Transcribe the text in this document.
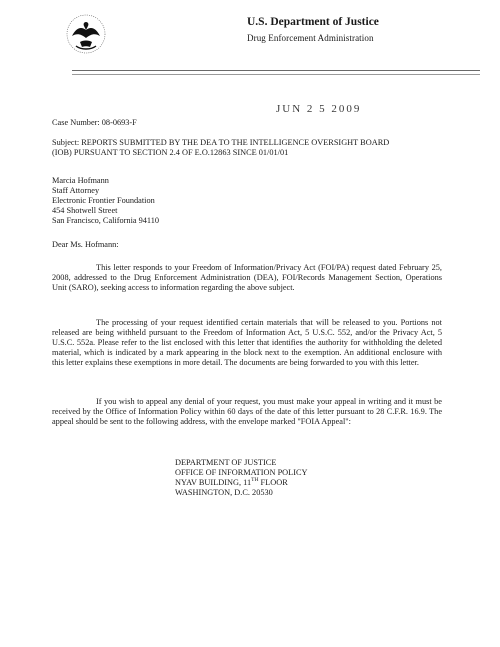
U.S. Department of Justice
Drug Enforcement Administration
JUN 2 5 2009
Case Number: 08-0693-F
Subject: REPORTS SUBMITTED BY THE DEA TO THE INTELLIGENCE OVERSIGHT BOARD (IOB) PURSUANT TO SECTION 2.4 OF E.O.12863 SINCE 01/01/01
Marcia Hofmann
Staff Attorney
Electronic Frontier Foundation
454 Shotwell Street
San Francisco, California 94110
Dear Ms. Hofmann:
This letter responds to your Freedom of Information/Privacy Act (FOI/PA) request dated February 25, 2008, addressed to the Drug Enforcement Administration (DEA), FOI/Records Management Section, Operations Unit (SARO), seeking access to information regarding the above subject.
The processing of your request identified certain materials that will be released to you. Portions not released are being withheld pursuant to the Freedom of Information Act, 5 U.S.C. 552, and/or the Privacy Act, 5 U.S.C. 552a. Please refer to the list enclosed with this letter that identifies the authority for withholding the deleted material, which is indicated by a mark appearing in the block next to the exemption. An additional enclosure with this letter explains these exemptions in more detail. The documents are being forwarded to you with this letter.
If you wish to appeal any denial of your request, you must make your appeal in writing and it must be received by the Office of Information Policy within 60 days of the date of this letter pursuant to 28 C.F.R. 16.9. The appeal should be sent to the following address, with the envelope marked "FOIA Appeal":
DEPARTMENT OF JUSTICE
OFFICE OF INFORMATION POLICY
NYAV BUILDING, 11TH FLOOR
WASHINGTON, D.C. 20530
